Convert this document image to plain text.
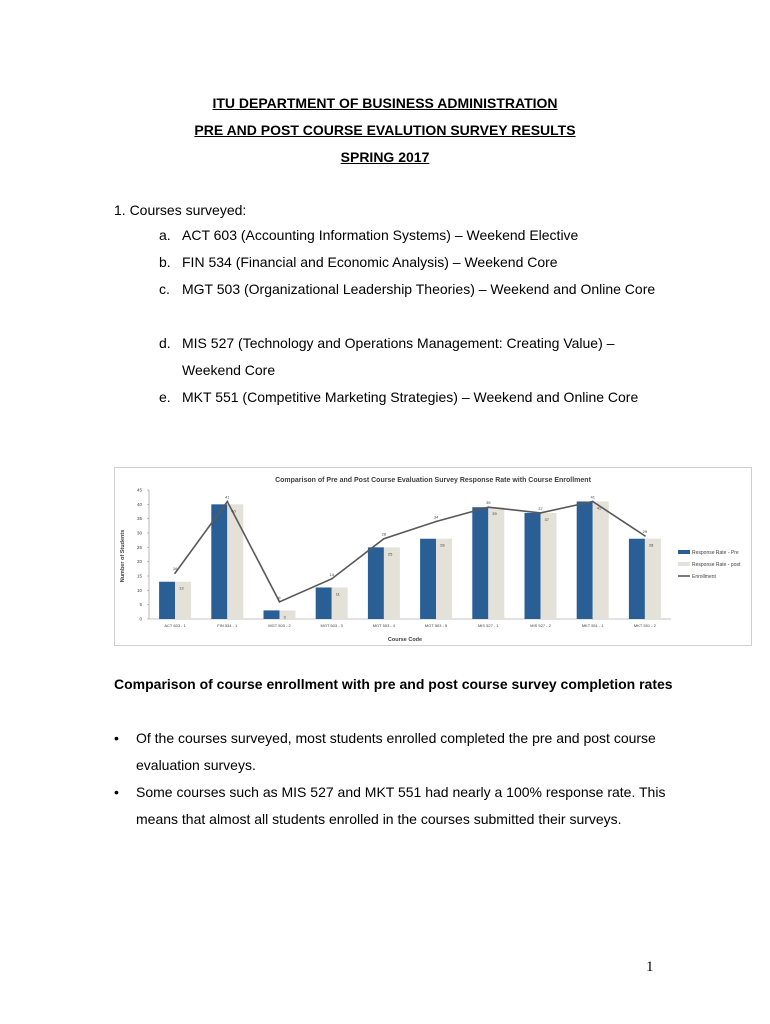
ITU DEPARTMENT OF BUSINESS ADMINISTRATION
PRE AND POST COURSE EVALUTION SURVEY RESULTS
SPRING 2017
1. Courses surveyed:
a. ACT 603 (Accounting Information Systems) – Weekend Elective
b. FIN 534 (Financial and Economic Analysis) – Weekend Core
c. MGT 503 (Organizational Leadership Theories) – Weekend and Online Core
d. MIS 527 (Technology and Operations Management: Creating Value) – Weekend Core
e. MKT 551 (Competitive Marketing Strategies) – Weekend and Online Core
Comparison of Pre and Post Course Evaluation Survey Response Rate with Course Enrollment
Course Code
Number of Students
0
5
10
15
20
25
30
35
40
45
ACT 603 - 1	FIN 534 - 1	MGT 503 - 2	MGT 503 - 3	MGT 503 - 4	MGT 503 - 5	MIS 527 - 1	MIS 527 - 2	MKT 551 - 1	MKT 551 - 2
13
40
3
11
25
28
39
37
41
28
16
41
6
14
28
34
39
37
41
29
Response Rate - Pre
Response Rate - post
Enrollment
Comparison of course enrollment with pre and post course survey completion rates
• Of the courses surveyed, most students enrolled completed the pre and post course evaluation surveys.
• Some courses such as MIS 527 and MKT 551 had nearly a 100% response rate. This means that almost all students enrolled in the courses submitted their surveys.
1
